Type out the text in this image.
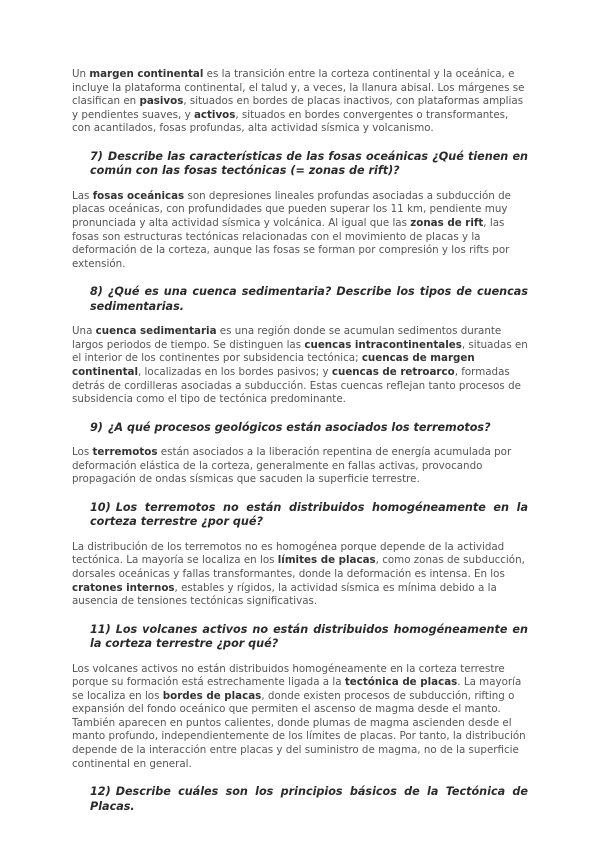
Un margen continental es la transición entre la corteza continental y la oceánica, e incluye la plataforma continental, el talud y, a veces, la llanura abisal. Los márgenes se clasifican en pasivos, situados en bordes de placas inactivos, con plataformas amplias y pendientes suaves, y activos, situados en bordes convergentes o transformantes, con acantilados, fosas profundas, alta actividad sísmica y volcanismo.

7) Describe las características de las fosas oceánicas ¿Qué tienen en común con las fosas tectónicas (= zonas de rift)?

Las fosas oceánicas son depresiones lineales profundas asociadas a subducción de placas oceánicas, con profundidades que pueden superar los 11 km, pendiente muy pronunciada y alta actividad sísmica y volcánica. Al igual que las zonas de rift, las fosas son estructuras tectónicas relacionadas con el movimiento de placas y la deformación de la corteza, aunque las fosas se forman por compresión y los rifts por extensión.

8) ¿Qué es una cuenca sedimentaria? Describe los tipos de cuencas sedimentarias.

Una cuenca sedimentaria es una región donde se acumulan sedimentos durante largos periodos de tiempo. Se distinguen las cuencas intracontinentales, situadas en el interior de los continentes por subsidencia tectónica; cuencas de margen continental, localizadas en los bordes pasivos; y cuencas de retroarco, formadas detrás de cordilleras asociadas a subducción. Estas cuencas reflejan tanto procesos de subsidencia como el tipo de tectónica predominante.

9) ¿A qué procesos geológicos están asociados los terremotos?

Los terremotos están asociados a la liberación repentina de energía acumulada por deformación elástica de la corteza, generalmente en fallas activas, provocando propagación de ondas sísmicas que sacuden la superficie terrestre.

10) Los terremotos no están distribuidos homogéneamente en la corteza terrestre ¿por qué?

La distribución de los terremotos no es homogénea porque depende de la actividad tectónica. La mayoría se localiza en los límites de placas, como zonas de subducción, dorsales oceánicas y fallas transformantes, donde la deformación es intensa. En los cratones internos, estables y rígidos, la actividad sísmica es mínima debido a la ausencia de tensiones tectónicas significativas.

11) Los volcanes activos no están distribuidos homogéneamente en la corteza terrestre ¿por qué?

Los volcanes activos no están distribuidos homogéneamente en la corteza terrestre porque su formación está estrechamente ligada a la tectónica de placas. La mayoría se localiza en los bordes de placas, donde existen procesos de subducción, rifting o expansión del fondo oceánico que permiten el ascenso de magma desde el manto. También aparecen en puntos calientes, donde plumas de magma ascienden desde el manto profundo, independientemente de los límites de placas. Por tanto, la distribución depende de la interacción entre placas y del suministro de magma, no de la superficie continental en general.

12) Describe cuáles son los principios básicos de la Tectónica de Placas.
